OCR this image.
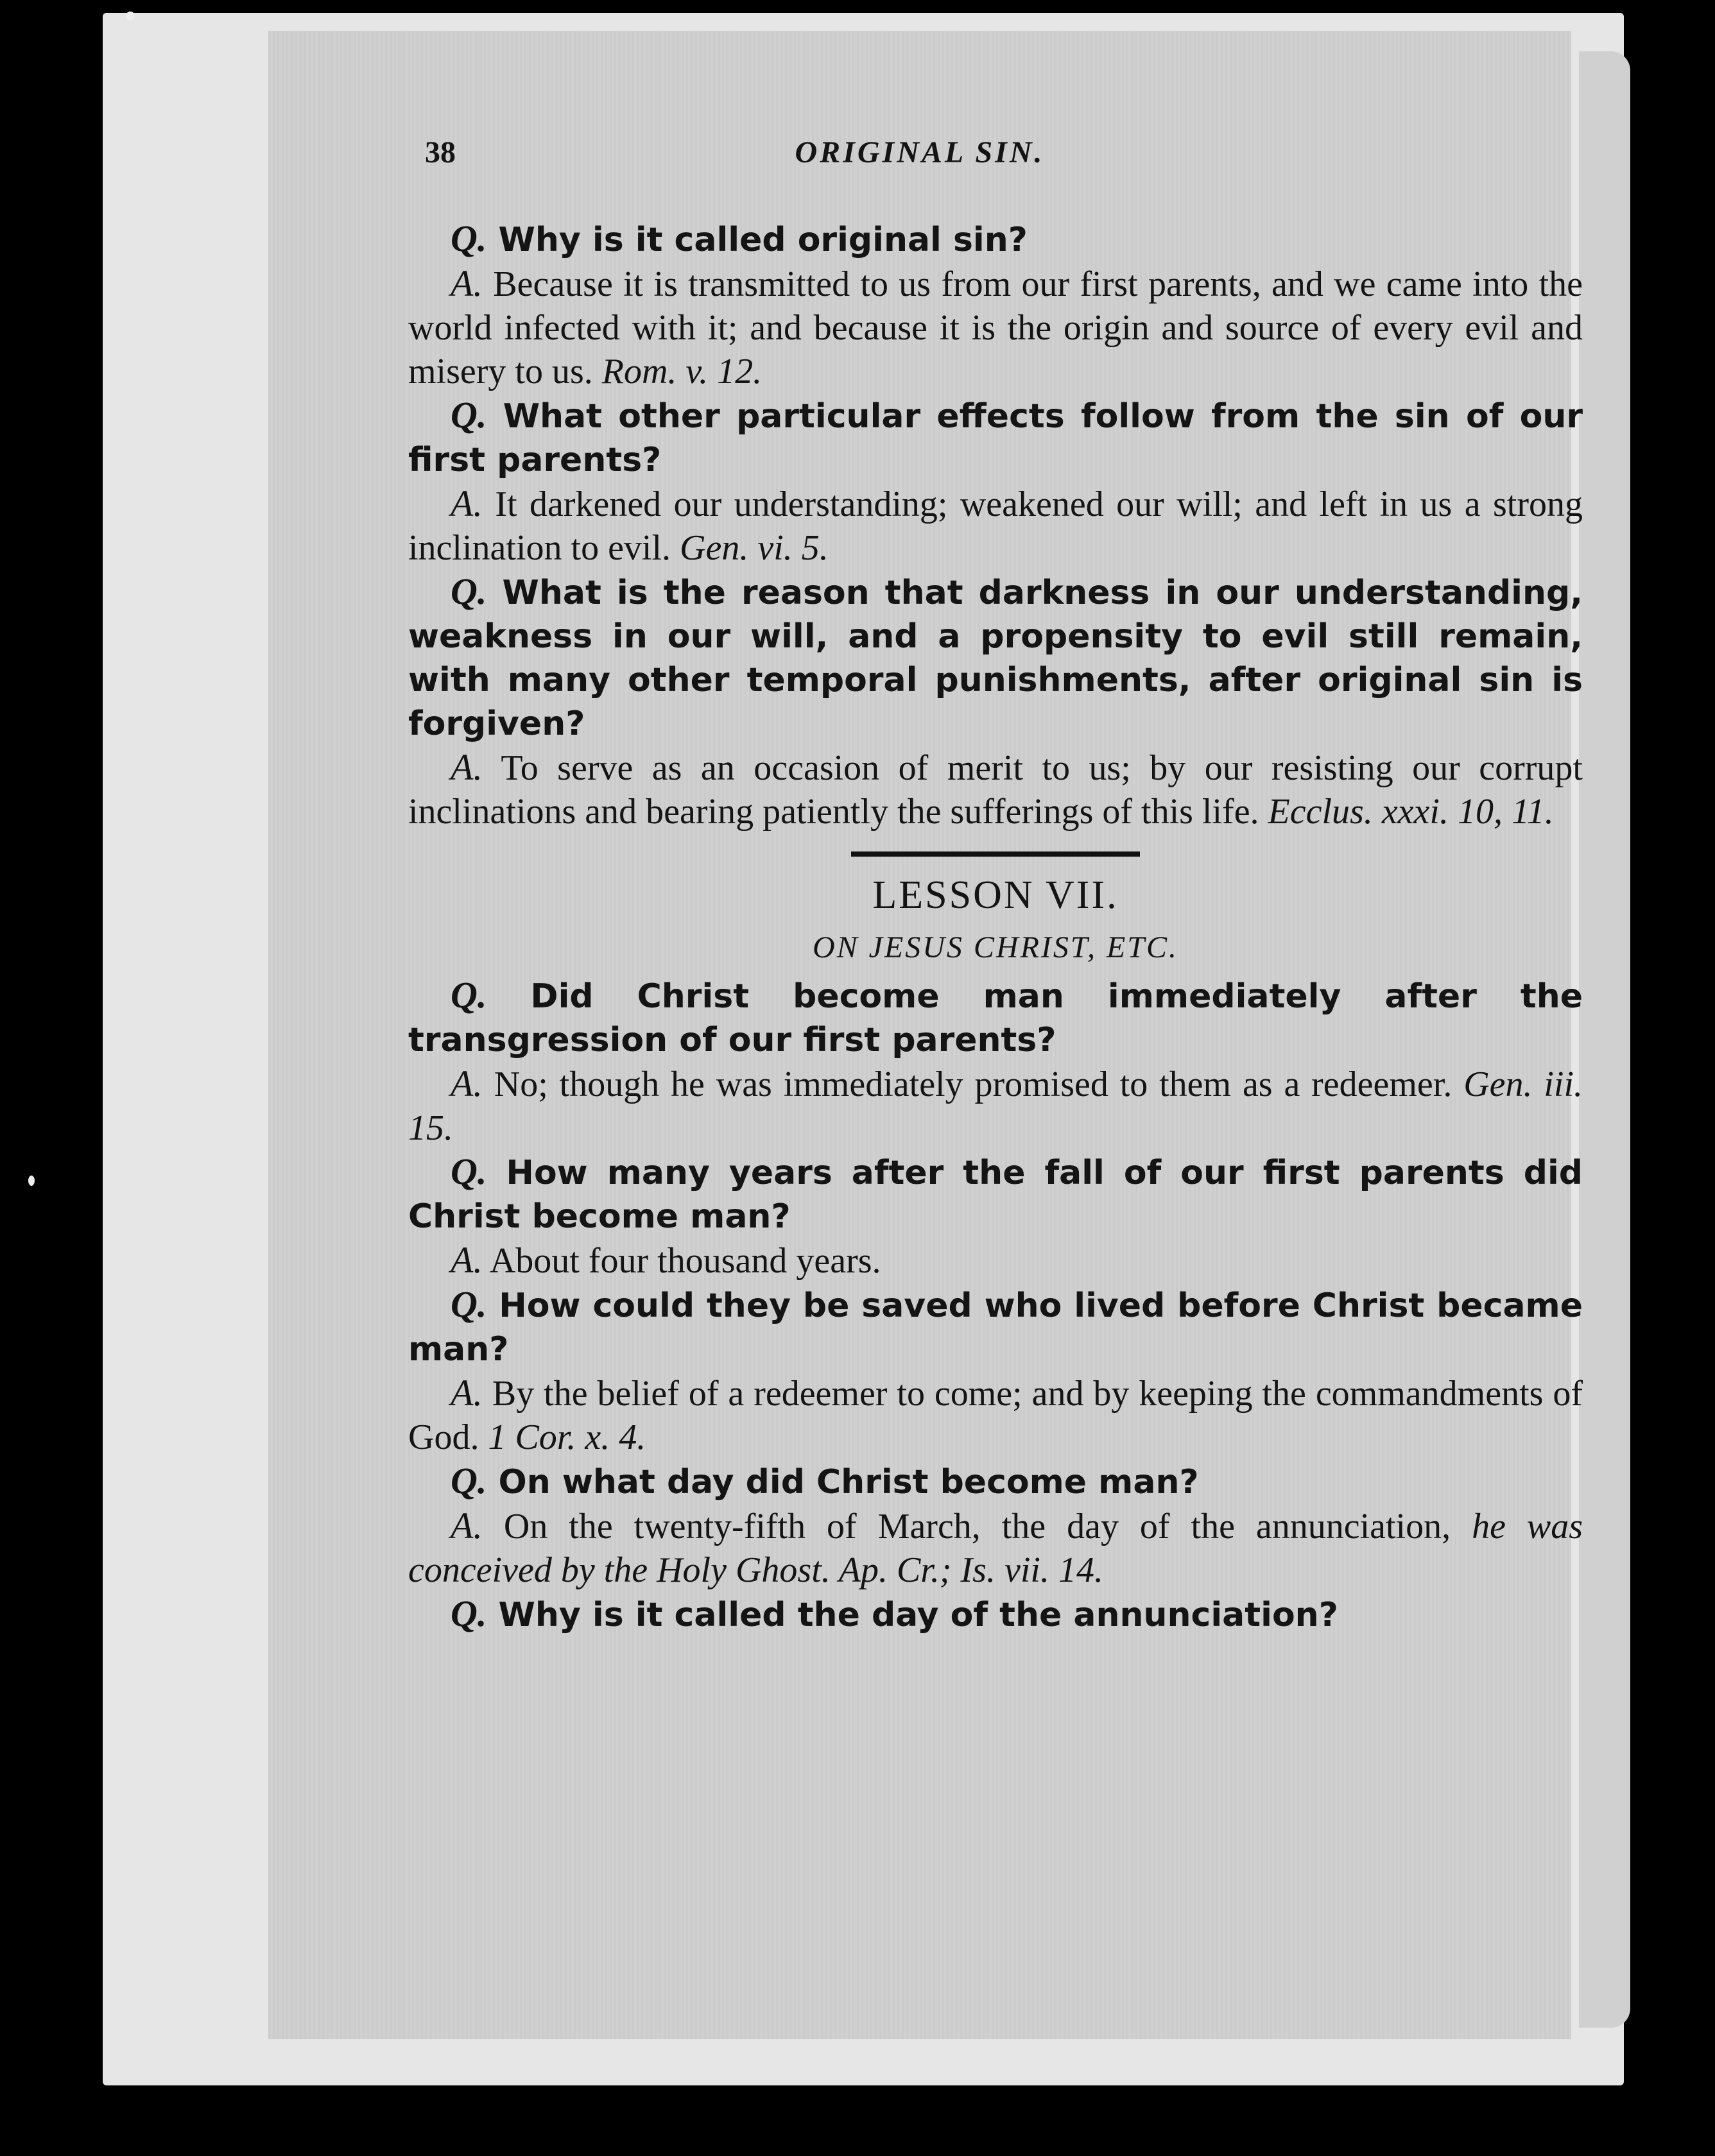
38	ORIGINAL SIN.

Q. Why is it called original sin?

A. Because it is transmitted to us from our first parents, and we came into the world infected with it; and because it is the origin and source of every evil and misery to us. Rom. v. 12.

Q. What other particular effects follow from the sin of our first parents?

A. It darkened our understanding; weakened our will; and left in us a strong inclination to evil. Gen. vi. 5.

Q. What is the reason that darkness in our understanding, weakness in our will, and a propensity to evil still remain, with many other temporal punishments, after original sin is forgiven?

A. To serve as an occasion of merit to us; by our resisting our corrupt inclinations and bearing patiently the sufferings of this life. Ecclus. xxxi. 10, 11.

LESSON VII.

ON JESUS CHRIST, ETC.

Q. Did Christ become man immediately after the transgression of our first parents?

A. No; though he was immediately promised to them as a redeemer. Gen. iii. 15.

Q. How many years after the fall of our first parents did Christ become man?

A. About four thousand years.

Q. How could they be saved who lived before Christ became man?

A. By the belief of a redeemer to come; and by keeping the commandments of God. 1 Cor. x. 4.

Q. On what day did Christ become man?

A. On the twenty-fifth of March, the day of the annunciation, he was conceived by the Holy Ghost. Ap. Cr.; Is. vii. 14.

Q. Why is it called the day of the annunciation?
